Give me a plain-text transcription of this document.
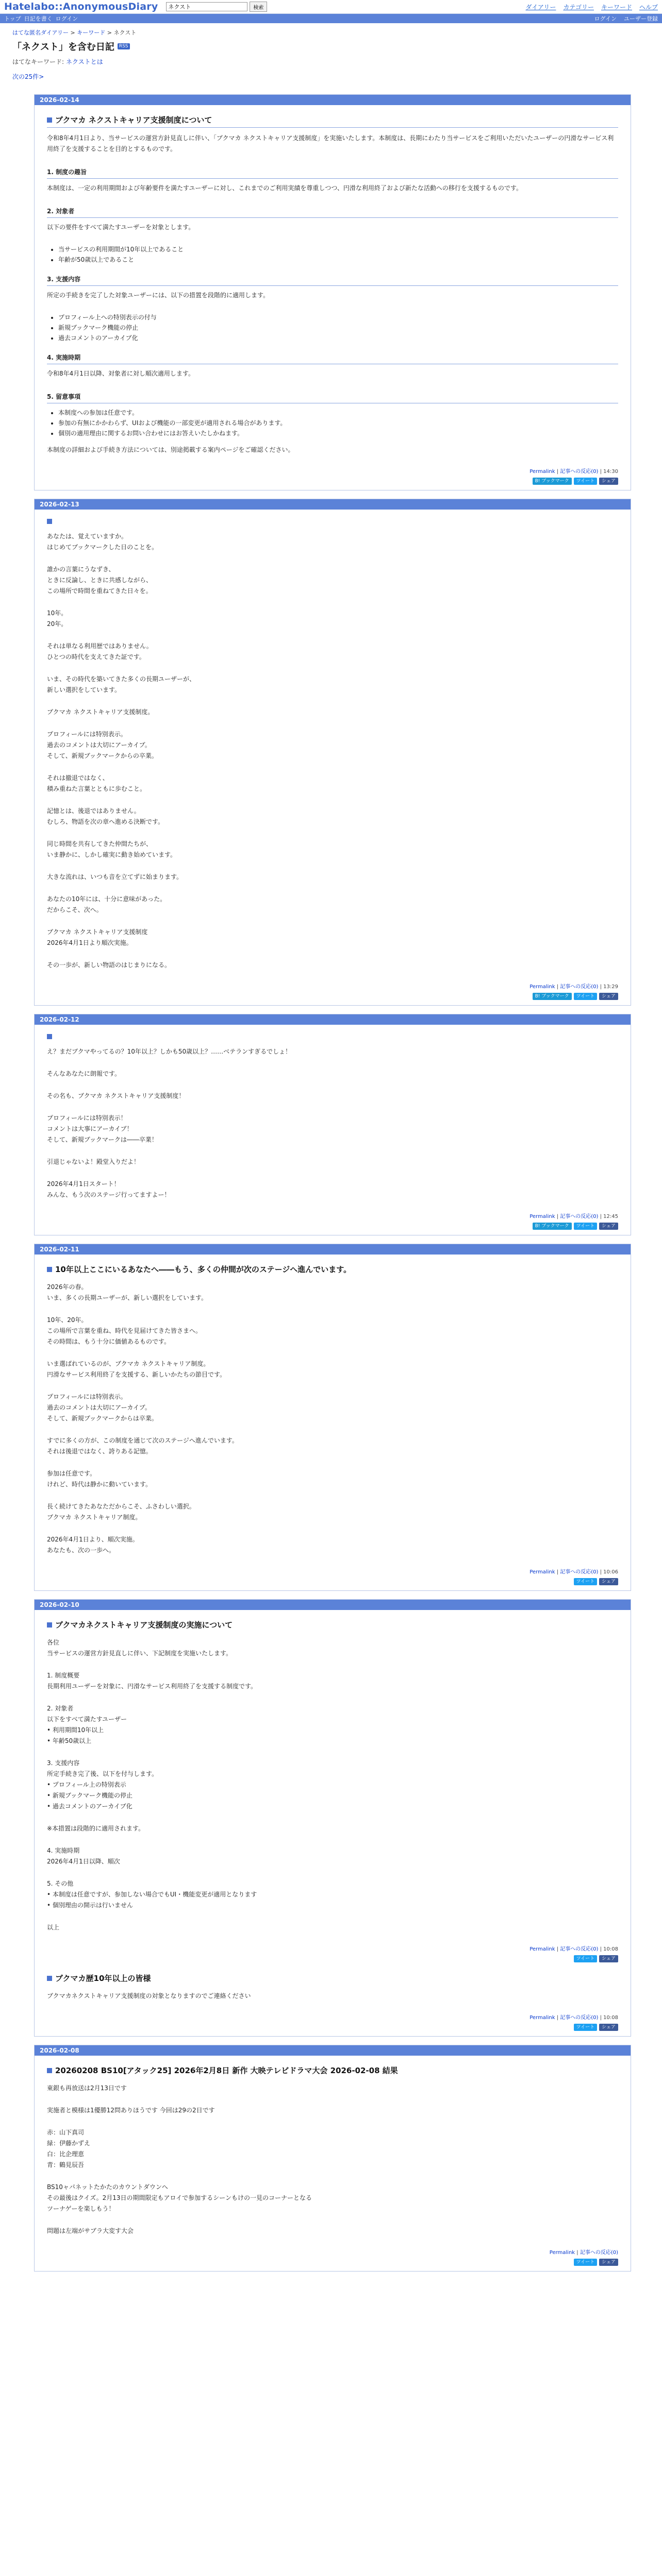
Hatelabo::AnonymousDiary
ネクスト	検索	ダイアリー カテゴリー キーワード ヘルプ
トップ 日記を書く ログイン	ログイン ユーザー登録
はてな匿名ダイアリー > キーワード > ネクスト
「ネクスト」を含む日記	RSS
はてなキーワード: ネクストとは
次の25件>
2026-02-14
ブクマカ ネクストキャリア支援制度について

令和8年4月1日より、当サービスの運営方針見直しに伴い、「ブクマカ ネクストキャリア支援制度」を実施いたします。本制度は、長期にわたり当サービスをご利用いただいたユーザーの円滑なサービス利用終了を支援することを目的とするものです。

1. 制度の趣旨

本制度は、一定の利用期間および年齢要件を満たすユーザーに対し、これまでのご利用実績を尊重しつつ、円滑な利用終了および新たな活動への移行を支援するものです。

2. 対象者

以下の要件をすべて満たすユーザーを対象とします。

• 当サービスの利用期間が10年以上であること
• 年齢が50歳以上であること
3. 支援内容

所定の手続きを完了した対象ユーザーには、以下の措置を段階的に適用します。

• プロフィール上への特別表示の付与
• 新規ブックマーク機能の停止
• 過去コメントのアーカイブ化
4. 実施時期

令和8年4月1日以降、対象者に対し順次適用します。

5. 留意事項
• 本制度への参加は任意です。
• 参加の有無にかかわらず、UIおよび機能の一部変更が適用される場合があります。
• 個別の適用理由に関するお問い合わせにはお答えいたしかねます。

本制度の詳細および手続き方法については、別途掲載する案内ページをご確認ください。

Permalink | 記事への反応(0) | 14:30
B! ブックマーク	ツイート	シェア
2026-02-13

あなたは、覚えていますか。
はじめてブックマークした日のことを。

誰かの言葉にうなずき、
ときに反論し、ときに共感しながら、
この場所で時間を重ねてきた日々を。

10年。
20年。

それは単なる利用歴ではありません。
ひとつの時代を支えてきた証です。

いま、その時代を築いてきた多くの長期ユーザーが、
新しい選択をしています。

ブクマカ ネクストキャリア支援制度。

プロフィールには特別表示。
過去のコメントは大切にアーカイブ。
そして、新規ブックマークからの卒業。

それは撤退ではなく、
積み重ねた言葉とともに歩むこと。

記憶とは、後退ではありません。
むしろ、物語を次の章へ進める決断です。

同じ時間を共有してきた仲間たちが、
いま静かに、しかし確実に動き始めています。

大きな流れは、いつも音を立てずに始まります。

あなたの10年には、十分に意味があった。
だからこそ、次へ。

ブクマカ ネクストキャリア支援制度
2026年4月1日より順次実施。

その一歩が、新しい物語のはじまりになる。

Permalink | 記事への反応(0) | 13:29
B! ブックマーク	ツイート	シェア
2026-02-12

え？まだブクマやってるの？10年以上？しかも50歳以上？……ベテランすぎるでしょ！

そんなあなたに朗報です。

その名も、ブクマカ ネクストキャリア支援制度！

プロフィールには特別表示！
コメントは大事にアーカイブ！
そして、新規ブックマークは――卒業！

引退じゃないよ！殿堂入りだよ！

2026年4月1日スタート！
みんな、もう次のステージ行ってますよー！

Permalink | 記事への反応(0) | 12:45
B! ブックマーク	ツイート	シェア
2026-02-11
10年以上ここにいるあなたへ――もう、多くの仲間が次のステージへ進んでいます。

2026年の春。
いま、多くの長期ユーザーが、新しい選択をしています。

10年、20年。
この場所で言葉を重ね、時代を見届けてきた皆さまへ。
その時間は、もう十分に価値あるものです。

いま選ばれているのが、ブクマカ ネクストキャリア制度。
円滑なサービス利用終了を支援する、新しいかたちの節目です。

プロフィールには特別表示。
過去のコメントは大切にアーカイブ。
そして、新規ブックマークからは卒業。

すでに多くの方が、この制度を通じて次のステージへ進んでいます。
それは後退ではなく、誇りある記憶。

参加は任意です。
けれど、時代は静かに動いています。

長く続けてきたあなただからこそ、ふさわしい選択。
ブクマカ ネクストキャリア制度。

2026年4月1日より、順次実施。
あなたも、次の一歩へ。

Permalink | 記事への反応(0) | 10:06
ツイート	シェア
2026-02-10
ブクマカネクストキャリア支援制度の実施について

各位
当サービスの運営方針見直しに伴い、下記制度を実施いたします。

1. 制度概要
長期利用ユーザーを対象に、円滑なサービス利用終了を支援する制度です。

2. 対象者
以下をすべて満たすユーザー
• 利用期間10年以上
• 年齢50歳以上

3. 支援内容
所定手続き完了後、以下を付与します。
• プロフィール上の特別表示
• 新規ブックマーク機能の停止
• 過去コメントのアーカイブ化

※本措置は段階的に適用されます。

4. 実施時期
2026年4月1日以降、順次

5. その他
• 本制度は任意ですが、参加しない場合でもUI・機能変更が適用となります
• 個別理由の開示は行いません

以上

Permalink | 記事への反応(0) | 10:08
ツイート	シェア
ブクマカ歴10年以上の皆様

ブクマカネクストキャリア支援制度の対象となりますのでご連絡ください

Permalink | 記事への反応(0) | 10:08
ツイート	シェア
2026-02-08
20260208 BS10[アタック25] 2026年2月8日 新作 大映テレビドラマ大会 2026-02-08 結果

東銀も再放送は2月13日です

実施者と模様は1優勝12問ありほうです 今回は29の2日です

赤：山下真司
緑：伊藤かずえ
白：比企理恵
青：鶴見辰吾

BS10ャパネットたかたのカウントダウンへ
その最後はクイズ。2月13日の期間限定もアロイで参加するシーンもけの一見のコーナーとなる
ツーナゲーを楽しもう！

問題は左端がサブラ大変す大会

Permalink | 記事への反応(0)
ツイート	シェア
